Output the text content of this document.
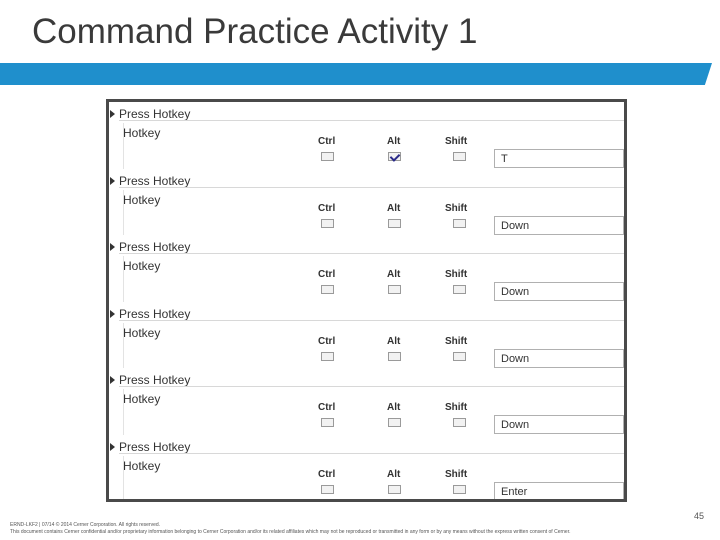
Command Practice Activity 1
Press Hotkey
Hotkey
Ctrl	Alt	Shift
T
Press Hotkey
Hotkey
Ctrl	Alt	Shift
Down
Press Hotkey
Hotkey
Ctrl	Alt	Shift
Down
Press Hotkey
Hotkey
Ctrl	Alt	Shift
Down
Press Hotkey
Hotkey
Ctrl	Alt	Shift
Down
Press Hotkey
Hotkey
Ctrl	Alt	Shift
Enter
45
ERND-LKF2 | 07/14 © 2014 Cerner Corporation. All rights reserved.
This document contains Cerner confidential and/or proprietary information belonging to Cerner Corporation and/or its related affiliates which may not be reproduced or transmitted in any form or by any means without the express written consent of Cerner.
